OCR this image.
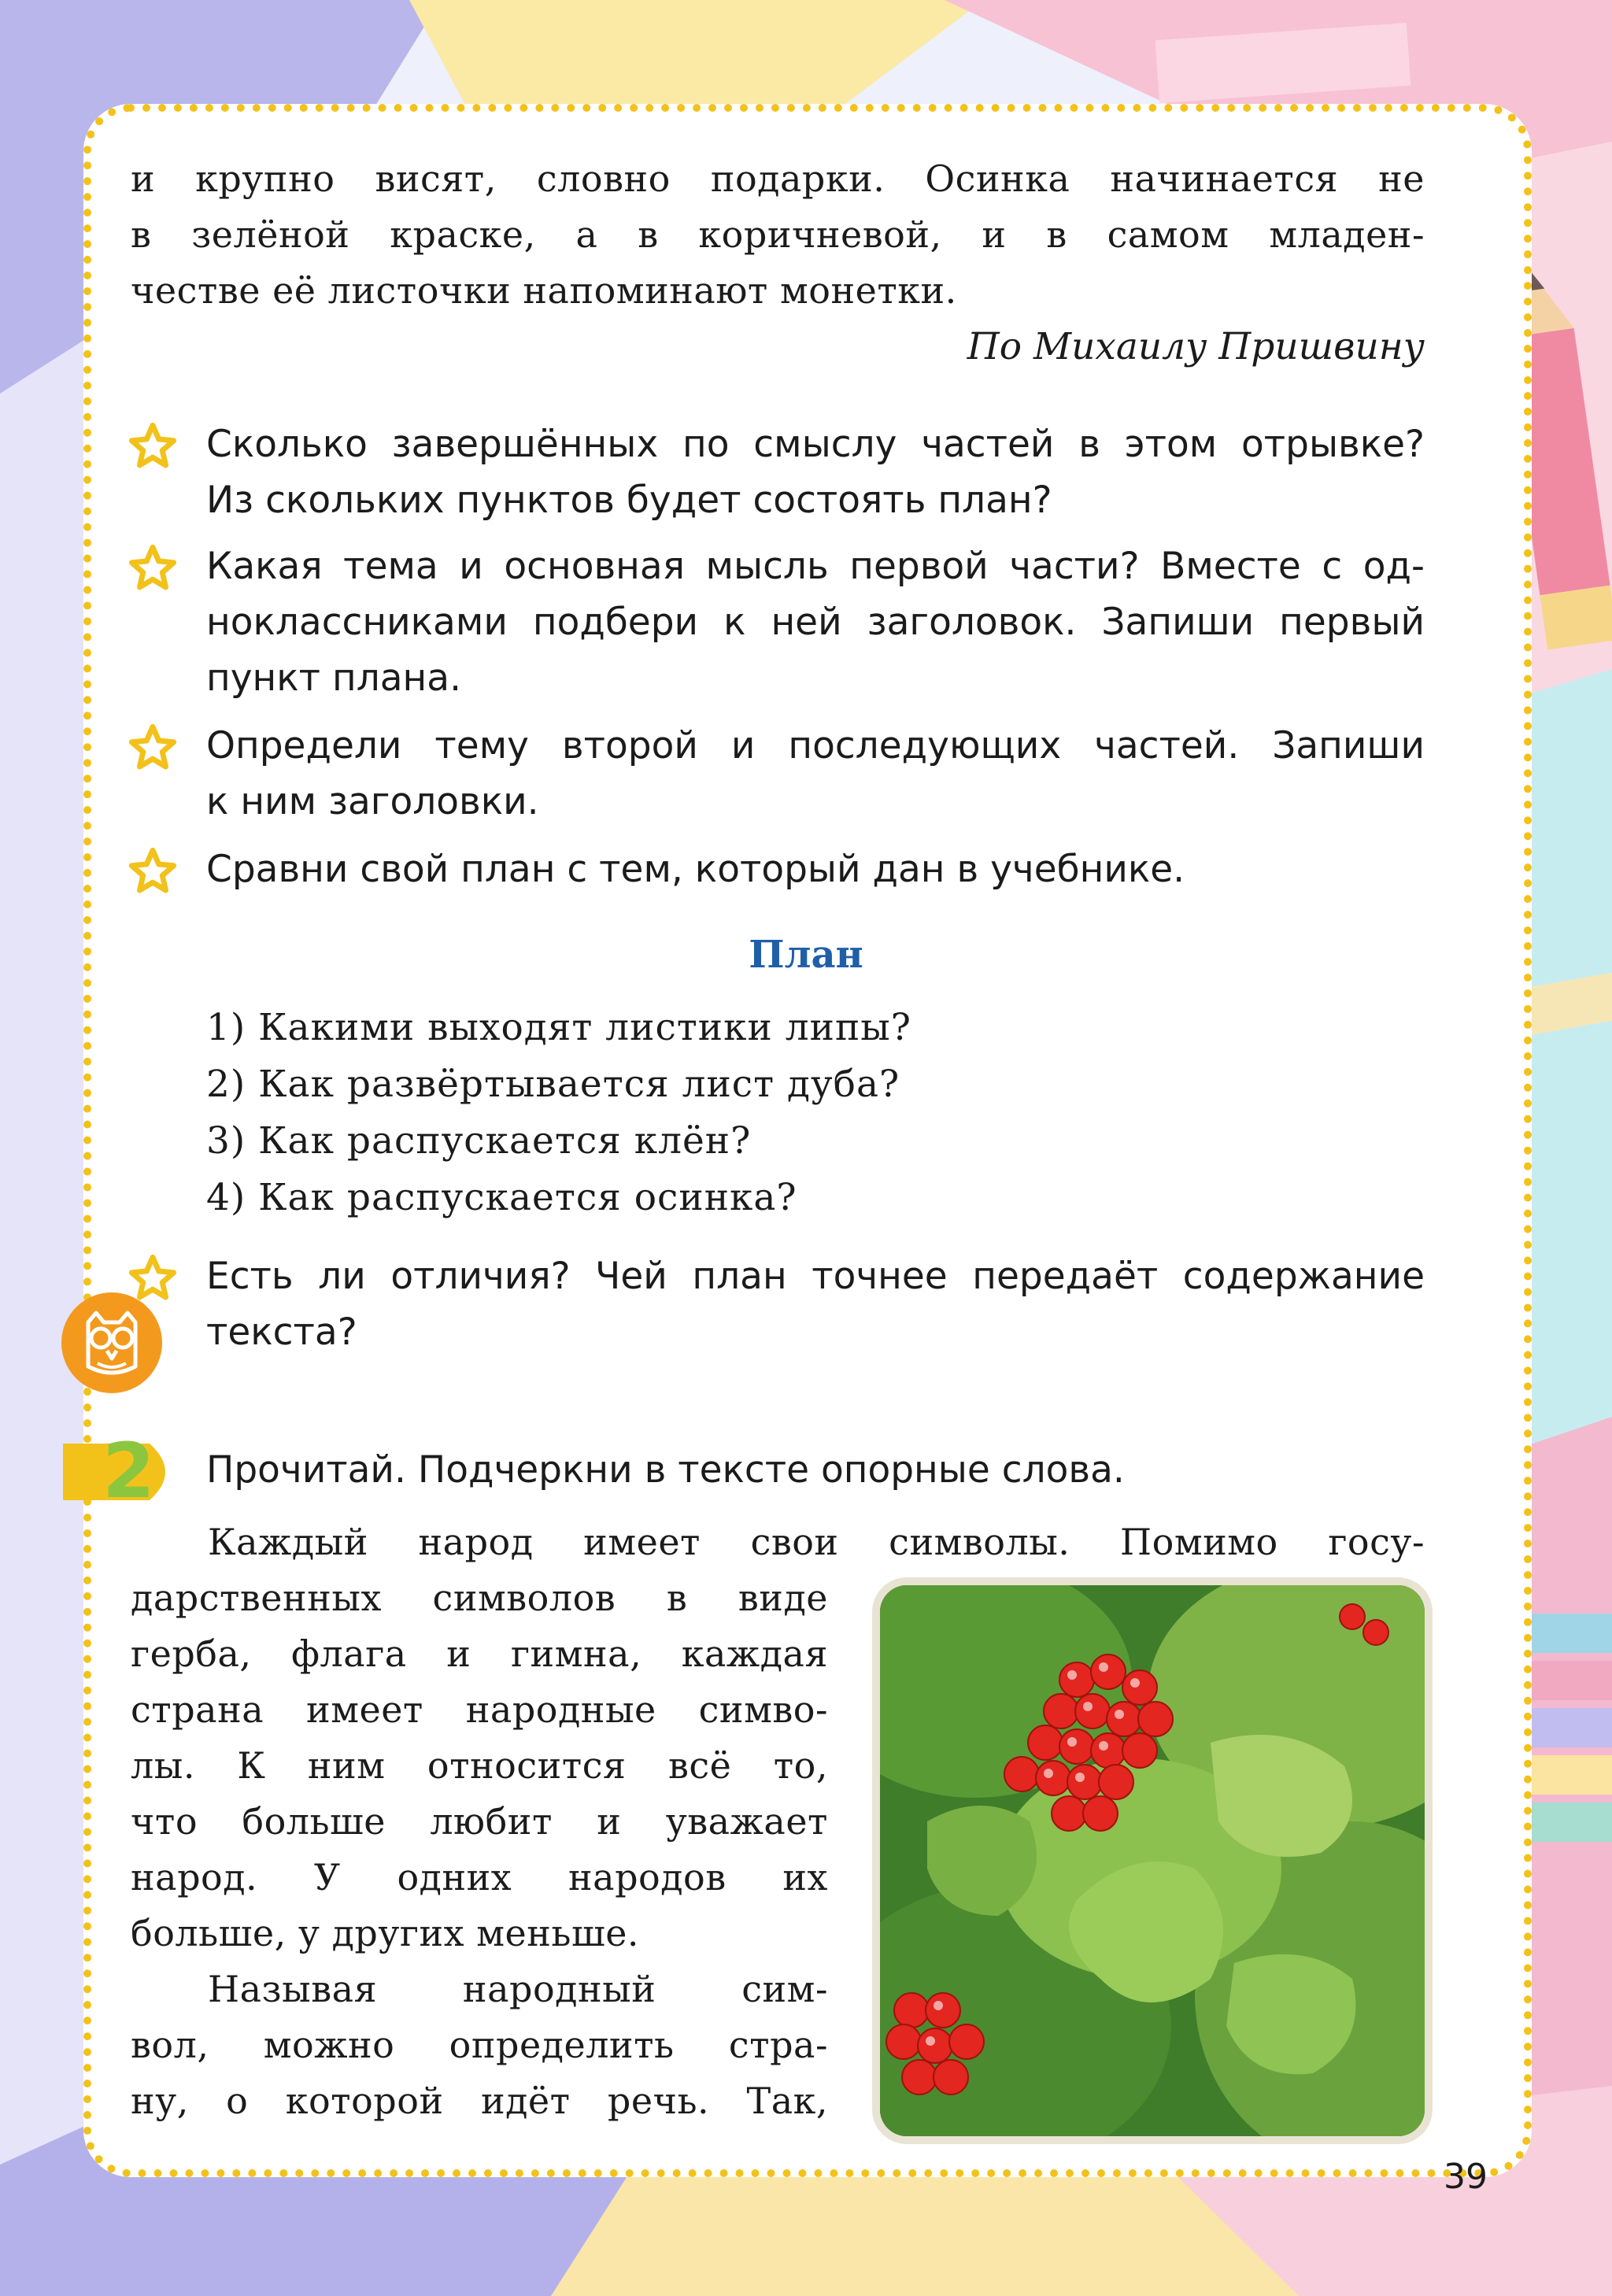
и крупно висят, словно подарки. Осинка начинается не
в зелёной краске, а в коричневой, и в самом младен-
честве её листочки напоминают монетки.
По Михаилу Пришвину
Сколько завершённых по смыслу частей в этом отрывке?
Из скольких пунктов будет состоять план?
Какая тема и основная мысль первой части? Вместе с од-
ноклассниками подбери к ней заголовок. Запиши первый
пункт плана.
Определи тему второй и последующих частей. Запиши
к ним заголовки.
Сравни свой план с тем, который дан в учебнике.
План
1) Какими выходят листики липы?
2) Как развёртывается лист дуба?
3) Как распускается клён?
4) Как распускается осинка?
Есть ли отличия? Чей план точнее передаёт содержание
текста?
2 Прочитай. Подчеркни в тексте опорные слова.
Каждый народ имеет свои символы. Помимо госу-
дарственных символов в виде
герба, флага и гимна, каждая
страна имеет народные симво-
лы. К ним относится всё то,
что больше любит и уважает
народ. У одних народов их
больше, у других меньше.
Называя народный сим-
вол, можно определить стра-
ну, о которой идёт речь. Так,
39
